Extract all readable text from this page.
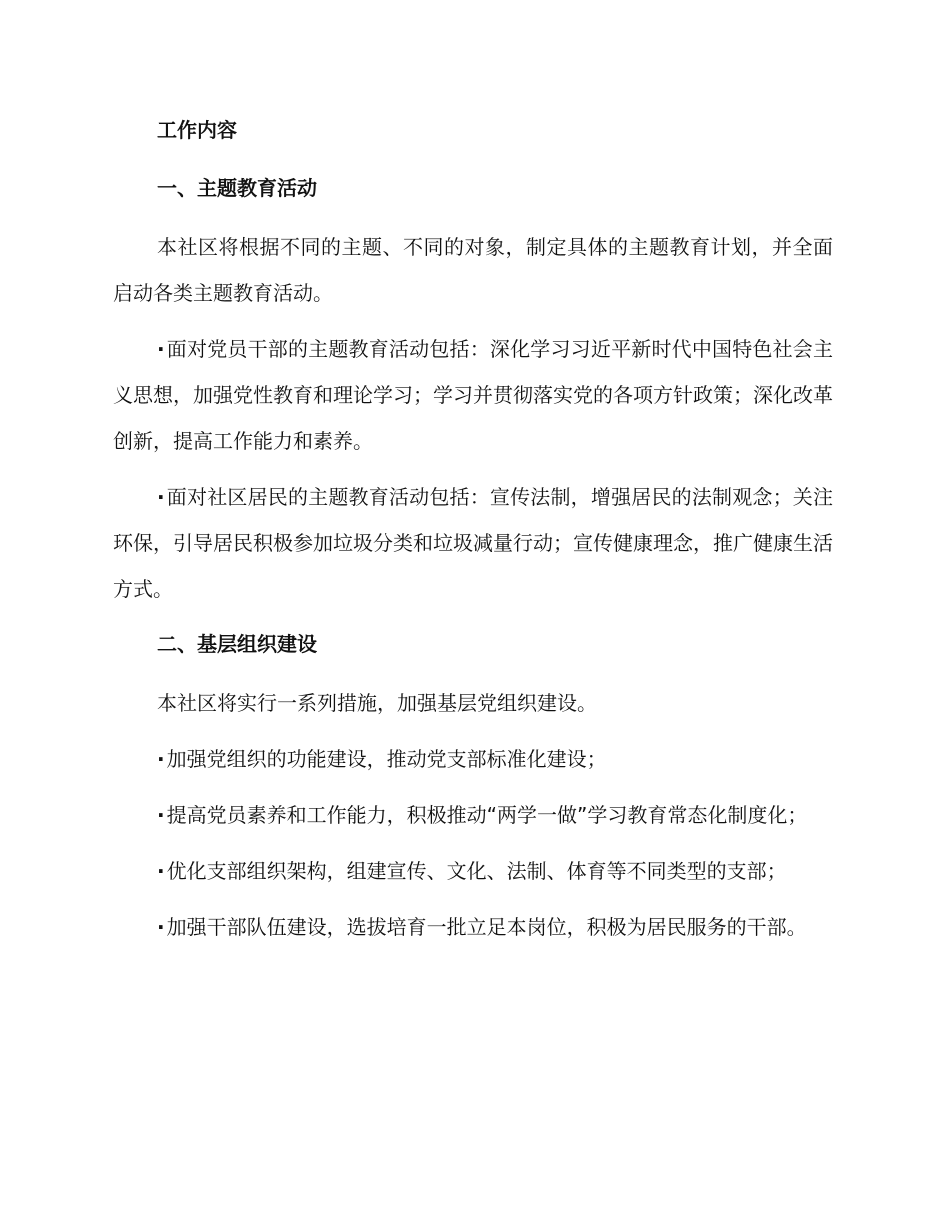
工作内容
一、主题教育活动
本社区将根据不同的主题、不同的对象，制定具体的主题教育计划，并全面启动各类主题教育活动。
· 面对党员干部的主题教育活动包括：深化学习习近平新时代中国特色社会主义思想，加强党性教育和理论学习；学习并贯彻落实党的各项方针政策；深化改革创新，提高工作能力和素养。
· 面对社区居民的主题教育活动包括：宣传法制，增强居民的法制观念；关注环保，引导居民积极参加垃圾分类和垃圾减量行动；宣传健康理念，推广健康生活方式。
二、基层组织建设
本社区将实行一系列措施，加强基层党组织建设。
· 加强党组织的功能建设，推动党支部标准化建设；
· 提高党员素养和工作能力，积极推动“两学一做”学习教育常态化制度化；
· 优化支部组织架构，组建宣传、文化、法制、体育等不同类型的支部；
· 加强干部队伍建设，选拔培育一批立足本岗位，积极为居民服务的干部。
